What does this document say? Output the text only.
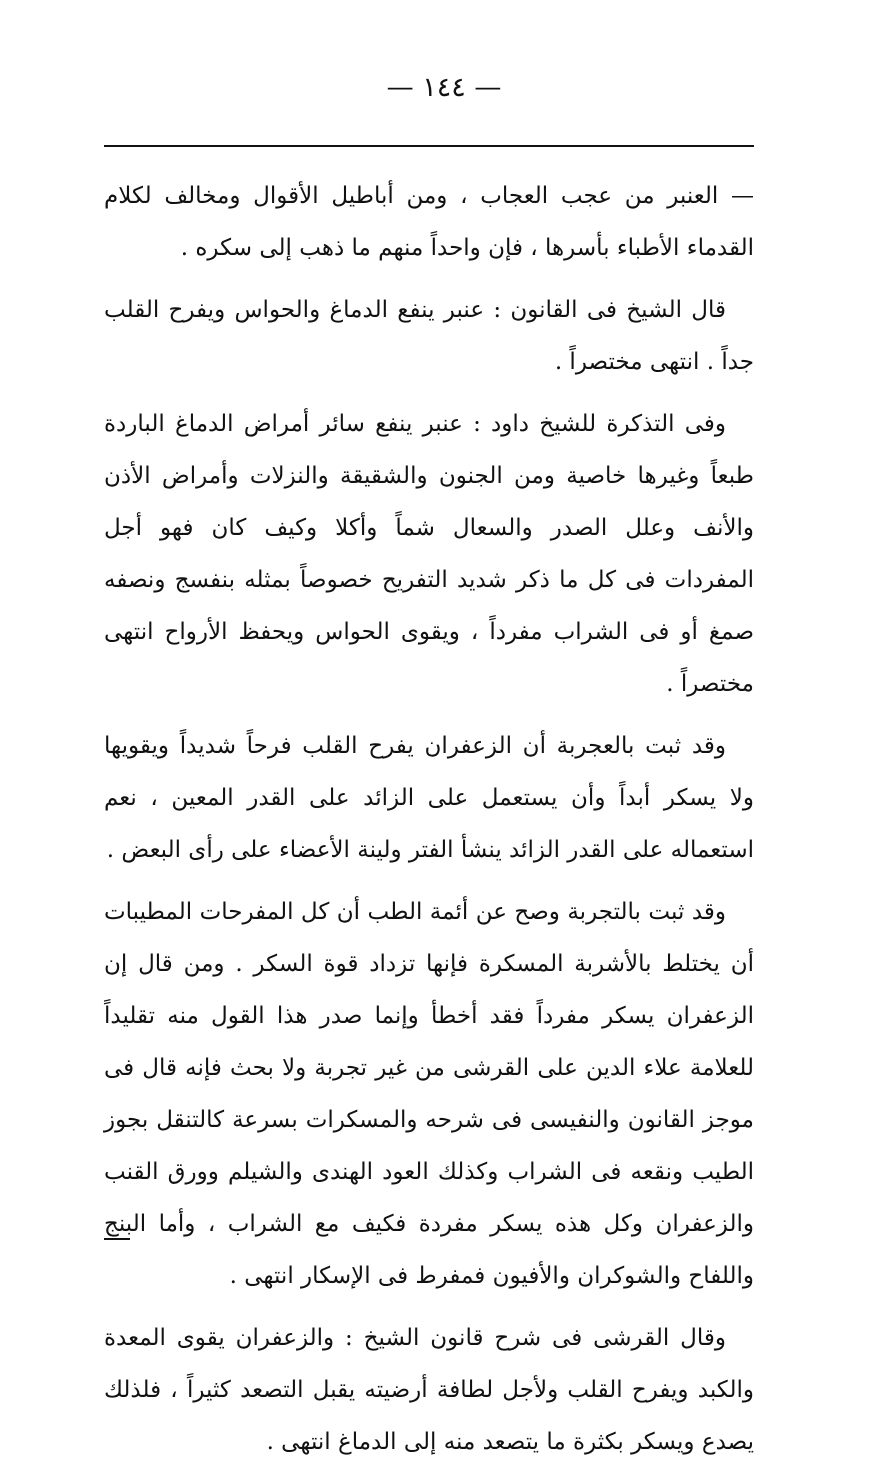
— ١٤٤ —

— العنبر من عجب العجاب ، ومن أباطيل الأقوال ومخالف لكلام القدماء الأطباء بأسرها ، فإن واحداً منهم ما ذهب إلى سكره .

قال الشيخ فى القانون : عنبر ينفع الدماغ والحواس ويفرح القلب جداً . انتهى مختصراً .

وفى التذكرة للشيخ داود : عنبر ينفع سائر أمراض الدماغ الباردة طبعاً وغيرها خاصية ومن الجنون والشقيقة والنزلات وأمراض الأذن والأنف وعلل الصدر والسعال شماً وأكلا وكيف كان فهو أجل المفردات فى كل ما ذكر شديد التفريح خصوصاً بمثله بنفسج ونصفه صمغ أو فى الشراب مفرداً ، ويقوى الحواس ويحفظ الأرواح انتهى مختصراً .

وقد ثبت بالعجربة أن الزعفران يفرح القلب فرحاً شديداً ويقويها ولا يسكر أبداً وأن يستعمل على الزائد على القدر المعين ، نعم استعماله على القدر الزائد ينشأ الفتر ولينة الأعضاء على رأى البعض .

وقد ثبت بالتجربة وصح عن أئمة الطب أن كل المفرحات المطيبات أن يختلط بالأشربة المسكرة فإنها تزداد قوة السكر . ومن قال إن الزعفران يسكر مفرداً فقد أخطأ وإنما صدر هذا القول منه تقليداً للعلامة علاء الدين على القرشى من غير تجربة ولا بحث فإنه قال فى موجز القانون والنفيسى فى شرحه والمسكرات بسرعة كالتنقل بجوز الطيب ونقعه فى الشراب وكذلك العود الهندى والشيلم وورق القنب والزعفران وكل هذه يسكر مفردة فكيف مع الشراب ، وأما البنج واللفاح والشوكران والأفيون فمفرط فى الإسكار انتهى .

وقال القرشى فى شرح قانون الشيخ : والزعفران يقوى المعدة والكبد ويفرح القلب ولأجل لطافة أرضيته يقبل التصعد كثيراً ، فلذلك يصدع ويسكر بكثرة ما يتصعد منه إلى الدماغ انتهى .
